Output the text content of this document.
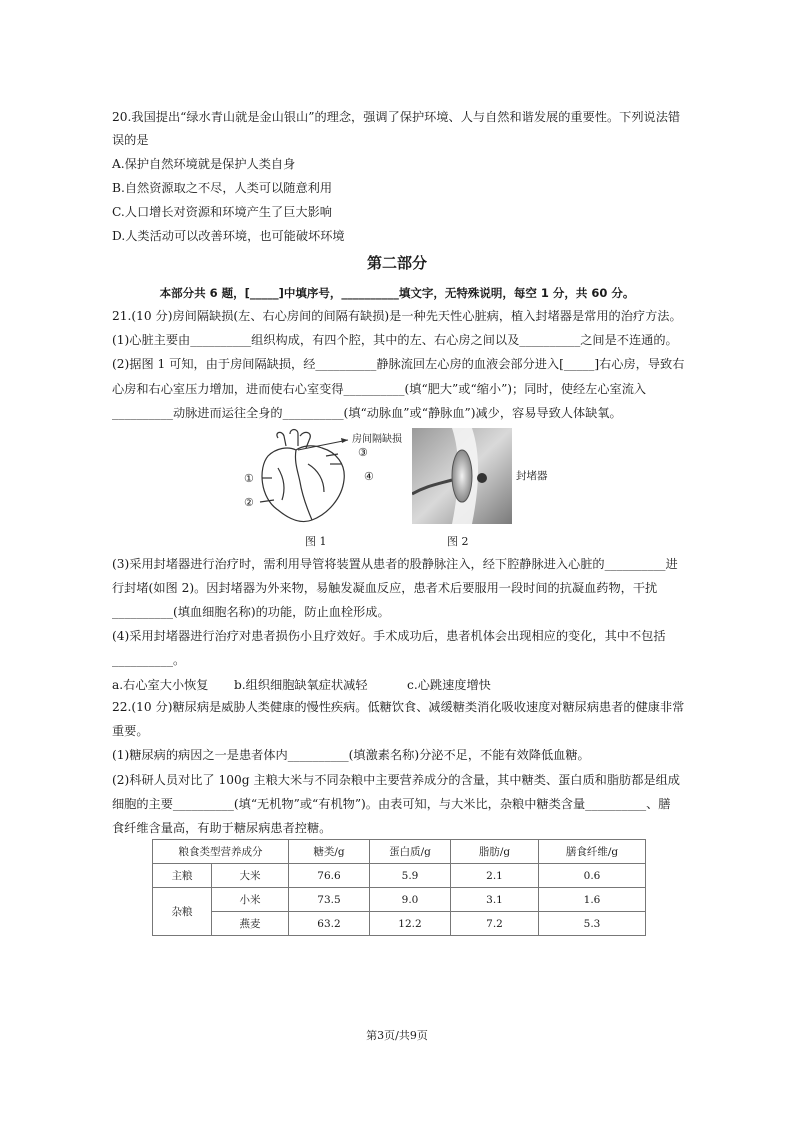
20.我国提出“绿水青山就是金山银山”的理念，强调了保护环境、人与自然和谐发展的重要性。下列说法错
误的是
A.保护自然环境就是保护人类自身
B.自然资源取之不尽，人类可以随意利用
C.人口增长对资源和环境产生了巨大影响
D.人类活动可以改善环境，也可能破坏环境
第二部分
本部分共 6 题，[_____]中填序号，__________填文字，无特殊说明，每空 1 分，共 60 分。
21.(10 分)房间隔缺损(左、右心房间的间隔有缺损)是一种先天性心脏病，植入封堵器是常用的治疗方法。
(1)心脏主要由__________组织构成，有四个腔，其中的左、右心房之间以及__________之间是不连通的。
(2)据图 1 可知，由于房间隔缺损，经__________静脉流回左心房的血液会部分进入[_____]右心房，导致右
心房和右心室压力增加，进而使右心室变得__________(填“肥大”或“缩小”)；同时，使经左心室流入
__________动脉进而运往全身的__________(填“动脉血”或“静脉血”)减少，容易导致人体缺氧。
房间隔缺损
③
④
①
②
图 1
封堵器
图 2
(3)采用封堵器进行治疗时，需利用导管将装置从患者的股静脉注入，经下腔静脉进入心脏的__________进
行封堵(如图 2)。因封堵器为外来物，易触发凝血反应，患者术后要服用一段时间的抗凝血药物，干扰
__________(填血细胞名称)的功能，防止血栓形成。
(4)采用封堵器进行治疗对患者损伤小且疗效好。手术成功后，患者机体会出现相应的变化，其中不包括
__________。
a.右心室大小恢复 b.组织细胞缺氧症状减轻	c.心跳速度增快
22.(10 分)糖尿病是威胁人类健康的慢性疾病。低糖饮食、减缓糖类消化吸收速度对糖尿病患者的健康非常
重要。
(1)糖尿病的病因之一是患者体内__________(填激素名称)分泌不足，不能有效降低血糖。
(2)科研人员对比了 100g 主粮大米与不同杂粮中主要营养成分的含量，其中糖类、蛋白质和脂肪都是组成
细胞的主要__________(填“无机物”或“有机物”)。由表可知，与大米比，杂粮中糖类含量__________、膳
食纤维含量高，有助于糖尿病患者控糖。
粮食类型营养成分		糖类/g	蛋白质/g	脂肪/g	膳食纤维/g
主粮	大米	76.6	5.9	2.1	0.6
杂粮	小米	73.5	9.0	3.1	1.6
	燕麦	63.2	12.2	7.2	5.3
第3页/共9页
